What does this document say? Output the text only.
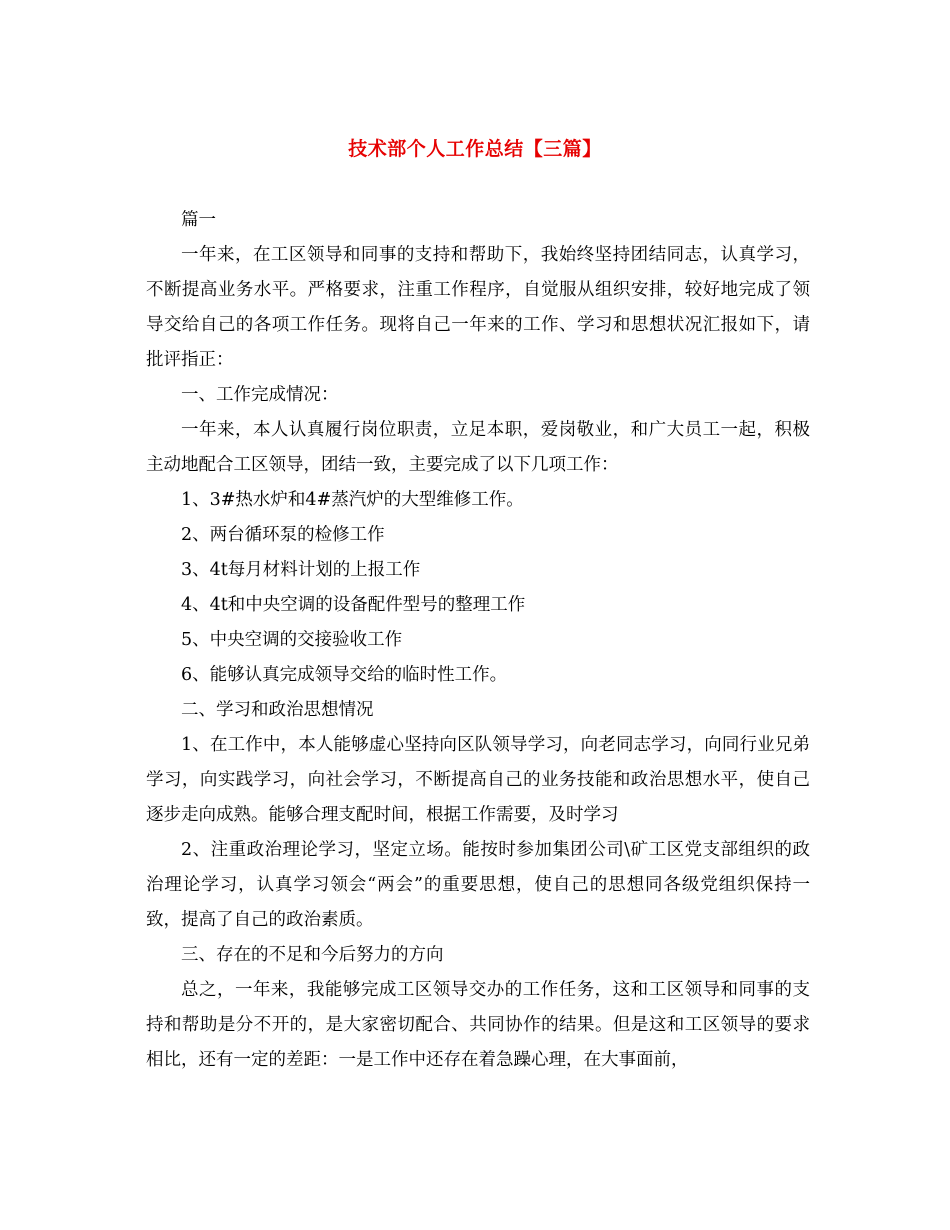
技术部个人工作总结【三篇】

篇一

一年来，在工区领导和同事的支持和帮助下，我始终坚持团结同志，认真学习，不断提高业务水平。严格要求，注重工作程序，自觉服从组织安排，较好地完成了领导交给自己的各项工作任务。现将自己一年来的工作、学习和思想状况汇报如下，请批评指正：

一、工作完成情况：

一年来，本人认真履行岗位职责，立足本职，爱岗敬业，和广大员工一起，积极主动地配合工区领导，团结一致，主要完成了以下几项工作：

1、3#热水炉和4#蒸汽炉的大型维修工作。

2、两台循环泵的检修工作

3、4t每月材料计划的上报工作

4、4t和中央空调的设备配件型号的整理工作

5、中央空调的交接验收工作

6、能够认真完成领导交给的临时性工作。

二、学习和政治思想情况

1、在工作中，本人能够虚心坚持向区队领导学习，向老同志学习，向同行业兄弟学习，向实践学习，向社会学习，不断提高自己的业务技能和政治思想水平，使自己逐步走向成熟。能够合理支配时间，根据工作需要，及时学习

2、注重政治理论学习，坚定立场。能按时参加集团公司\矿工区党支部组织的政治理论学习，认真学习领会“两会”的重要思想，使自己的思想同各级党组织保持一致，提高了自己的政治素质。

三、存在的不足和今后努力的方向

总之，一年来，我能够完成工区领导交办的工作任务，这和工区领导和同事的支持和帮助是分不开的，是大家密切配合、共同协作的结果。但是这和工区领导的要求相比，还有一定的差距：一是工作中还存在着急躁心理，在大事面前，
